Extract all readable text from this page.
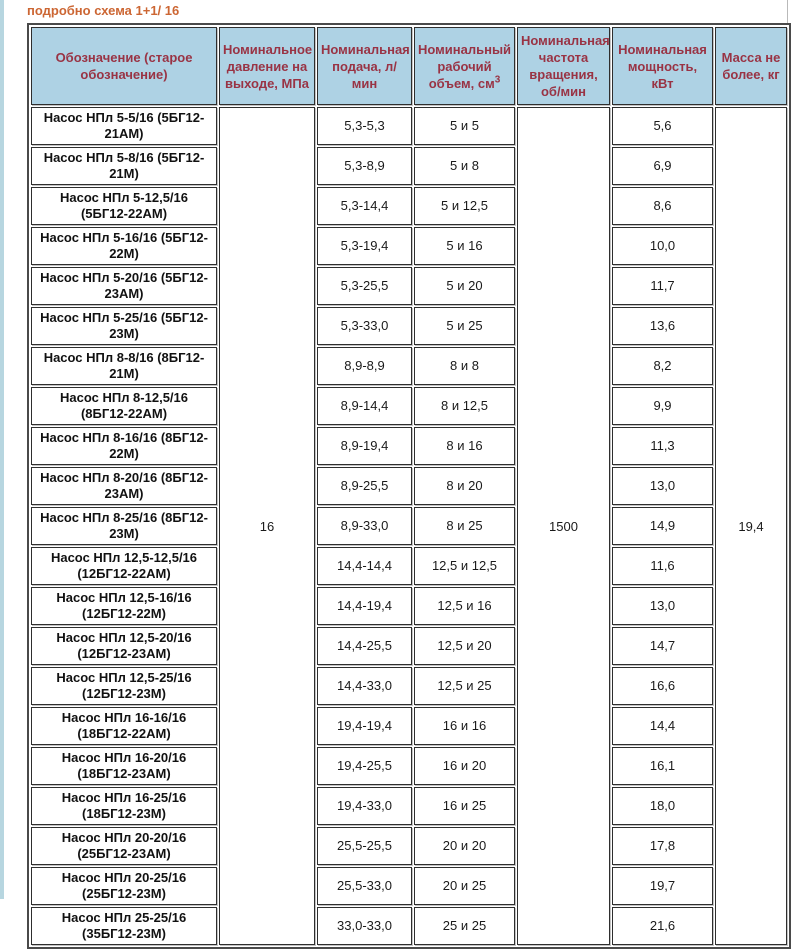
подробно схема 1+1/ 16
Обозначение (старое обозначение)	Номинальное давление на выходе, МПа	Номинальная подача, л/ мин	Номинальный рабочий объем, $см^3$	Номинальная частота вращения, об/мин	Номинальная мощность, кВт	Масса не более, кг
Насос НПл 5-5/16 (5БГ12-21АМ)	16	5,3-5,3	5 и 5	1500	5,6	19,4
Насос НПл 5-8/16 (5БГ12-21М)		5,3-8,9	5 и 8		6,9	
Насос НПл 5-12,5/16 (5БГ12-22АМ)		5,3-14,4	5 и 12,5		8,6	
Насос НПл 5-16/16 (5БГ12-22М)		5,3-19,4	5 и 16		10,0	
Насос НПл 5-20/16 (5БГ12-23АМ)		5,3-25,5	5 и 20		11,7	
Насос НПл 5-25/16 (5БГ12-23М)		5,3-33,0	5 и 25		13,6	
Насос НПл 8-8/16 (8БГ12-21М)		8,9-8,9	8 и 8		8,2	
Насос НПл 8-12,5/16 (8БГ12-22АМ)		8,9-14,4	8 и 12,5		9,9	
Насос НПл 8-16/16 (8БГ12-22М)		8,9-19,4	8 и 16		11,3	
Насос НПл 8-20/16 (8БГ12-23АМ)		8,9-25,5	8 и 20		13,0	
Насос НПл 8-25/16 (8БГ12-23М)		8,9-33,0	8 и 25		14,9	
Насос НПл 12,5-12,5/16 (12БГ12-22АМ)		14,4-14,4	12,5 и 12,5		11,6	
Насос НПл 12,5-16/16 (12БГ12-22М)		14,4-19,4	12,5 и 16		13,0	
Насос НПл 12,5-20/16 (12БГ12-23АМ)		14,4-25,5	12,5 и 20		14,7	
Насос НПл 12,5-25/16 (12БГ12-23М)		14,4-33,0	12,5 и 25		16,6	
Насос НПл 16-16/16 (18БГ12-22АМ)		19,4-19,4	16 и 16		14,4	
Насос НПл 16-20/16 (18БГ12-23АМ)		19,4-25,5	16 и 20		16,1	
Насос НПл 16-25/16 (18БГ12-23М)		19,4-33,0	16 и 25		18,0	
Насос НПл 20-20/16 (25БГ12-23АМ)		25,5-25,5	20 и 20		17,8	
Насос НПл 20-25/16 (25БГ12-23М)		25,5-33,0	20 и 25		19,7	
Насос НПл 25-25/16 (35БГ12-23М)		33,0-33,0	25 и 25		21,6	
